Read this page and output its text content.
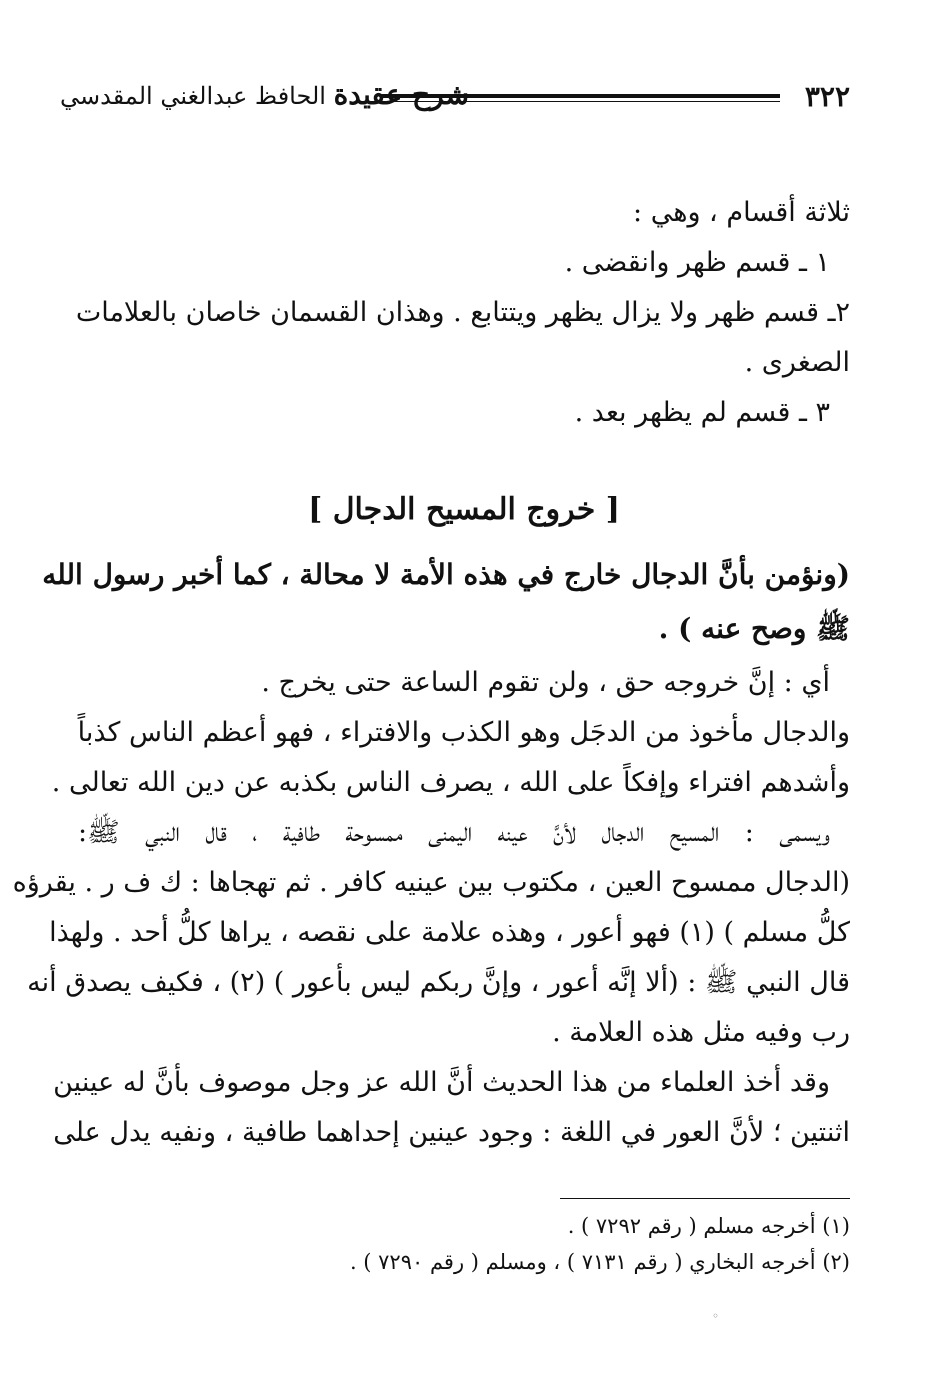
٣٢٢
شرح عقيدة الحافظ عبدالغني المقدسي
ثلاثة أقسام ، وهي :
١ ـ قسم ظهر وانقضى .
٢ـ قسم ظهر ولا يزال يظهر ويتتابع . وهذان القسمان خاصان بالعلامات
الصغرى .
٣ ـ قسم لم يظهر بعد .
[ خروج المسيح الدجال ]
(ونؤمن بأنَّ الدجال خارج في هذه الأمة لا محالة ، كما أخبر رسول الله
ﷺ وصح عنه ) .
أي : إنَّ خروجه حق ، ولن تقوم الساعة حتى يخرج .
والدجال مأخوذ من الدجَل وهو الكذب والافتراء ، فهو أعظم الناس كذباً
وأشدهم افتراء وإفكاً على الله ، يصرف الناس بكذبه عن دين الله تعالى .
ويسمى : المسيح الدجال لأنَّ عينه اليمنى ممسوحة طافية ، قال النبي ﷺ:
(الدجال ممسوح العين ، مكتوب بين عينيه كافر . ثم تهجاها : ك ف ر . يقرؤه
كلُّ مسلم ) (١) فهو أعور ، وهذه علامة على نقصه ، يراها كلُّ أحد . ولهذا
قال النبي ﷺ : (ألا إنَّه أعور ، وإنَّ ربكم ليس بأعور ) (٢) ، فكيف يصدق أنه
رب وفيه مثل هذه العلامة .
وقد أخذ العلماء من هذا الحديث أنَّ الله عز وجل موصوف بأنَّ له عينين
اثنتين ؛ لأنَّ العور في اللغة : وجود عينين إحداهما طافية ، ونفيه يدل على
(١) أخرجه مسلم ( رقم ٧٢٩٢ ) .
(٢) أخرجه البخاري ( رقم ٧١٣١ ) ، ومسلم ( رقم ٧٢٩٠ ) .
◦
